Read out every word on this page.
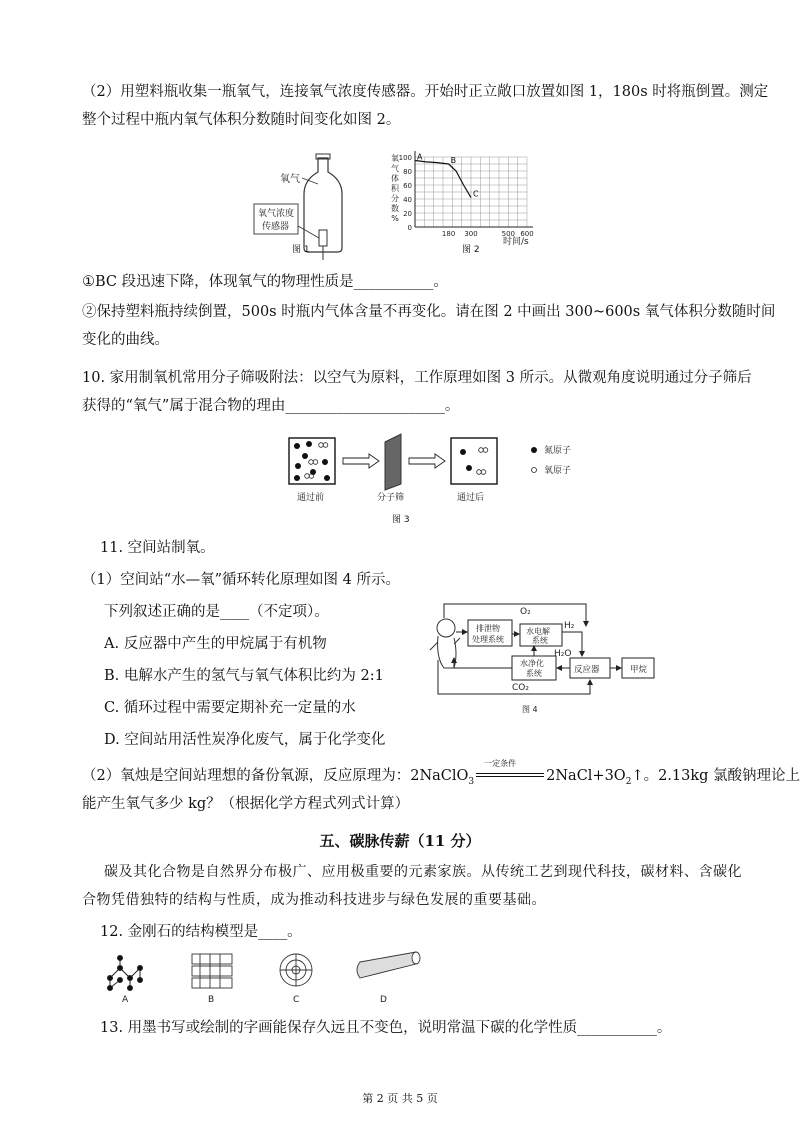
（2）用塑料瓶收集一瓶氧气，连接氧气浓度传感器。开始时正立敞口放置如图 1，180s 时将瓶倒置。测定
整个过程中瓶内氧气体积分数随时间变化如图 2。
氧气
氧气浓度
传感器
图 1
氧
气
体
积
分
数
%
100
80
60
40
20
0
180 300	500 600
A	B
C
时间/s
图 2
①BC 段迅速下降，体现氧气的物理性质是___________。
②保持塑料瓶持续倒置，500s 时瓶内气体含量不再变化。请在图 2 中画出 300~600s 氧气体积分数随时间
变化的曲线。
10. 家用制氧机常用分子筛吸附法：以空气为原料，工作原理如图 3 所示。从微观角度说明通过分子筛后
获得的“氧气”属于混合物的理由______________________。
通过前	分子筛	通过后
氮原子
氧原子
图 3
11. 空间站制氧。
（1）空间站“水—氧”循环转化原理如图 4 所示。
下列叙述正确的是____（不定项）。
A. 反应器中产生的甲烷属于有机物
B. 电解水产生的氢气与氧气体积比约为 2:1
C. 循环过程中需要定期补充一定量的水
D. 空间站用活性炭净化废气，属于化学变化
O₂
排泄物
处理系统
水电解
系统
H₂
反应器
H₂O
水净化
系统	甲烷
CO₂
图 4
（2）氧烛是空间站理想的备份氧源，反应原理为：2NaClO$_3$
一定条件
$2NaCl+3O_2↑$。2.13kg 氯酸钠理论上
能产生氧气多少 kg？（根据化学方程式列式计算）
五、碳脉传薪（11 分）
碳及其化合物是自然界分布极广、应用极重要的元素家族。从传统工艺到现代科技，碳材料、含碳化
合物凭借独特的结构与性质，成为推动科技进步与绿色发展的重要基础。
12. 金刚石的结构模型是____。
A	B	C	D
13. 用墨书写或绘制的字画能保存久远且不变色，说明常温下碳的化学性质___________。
第 2 页 共 5 页
